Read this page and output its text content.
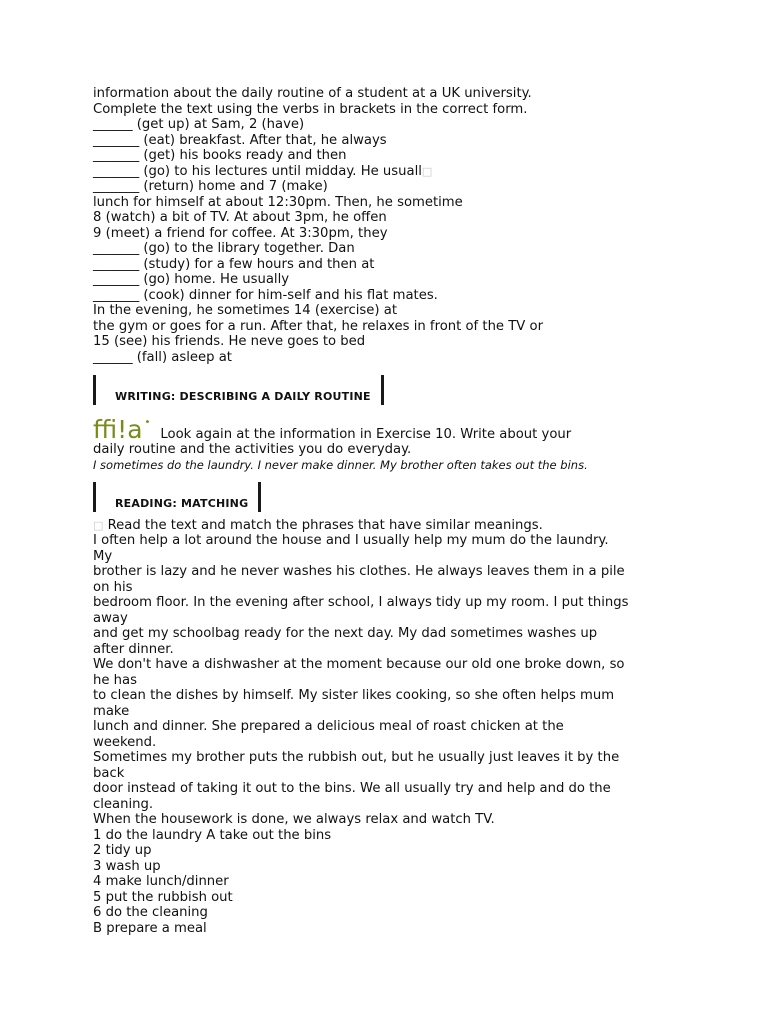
information about the daily routine of a student at a UK university.

Complete the text using the verbs in brackets in the correct form.

______ (get up) at Sam, 2 (have)

_______ (eat) breakfast. After that, he always

_______ (get) his books ready and then

_______ (go) to his lectures until midday. He usuall□

_______ (return) home and 7 (make)

lunch for himself at about 12:30pm. Then, he sometime

8 (watch) a bit of TV. At about 3pm, he offen

9 (meet) a friend for coffee. At 3:30pm, they

_______ (go) to the library together. Dan

_______ (study) for a few hours and then at

_______ (go) home. He usually

_______ (cook) dinner for him-self and his flat mates.

In the evening, he sometimes 14 (exercise) at

the gym or goes for a run. After that, he relaxes in front of the TV or

15 (see) his friends. He neve goes to bed

______ (fall) asleep at

WRITING: DESCRIBING A DAILY ROUTINE
ffi!a •
Look again at the information in Exercise 10. Write about your

daily routine and the activities you do everyday.

I sometimes do the laundry. I never make dinner. My brother often takes out the bins.

READING: MATCHING

□ Read the text and match the phrases that have similar meanings.

I often help a lot around the house and I usually help my mum do the laundry.

My

brother is lazy and he never washes his clothes. He always leaves them in a pile

on his

bedroom floor. In the evening after school, I always tidy up my room. I put things

away

and get my schoolbag ready for the next day. My dad sometimes washes up

after dinner.

We don't have a dishwasher at the moment because our old one broke down, so

he has

to clean the dishes by himself. My sister likes cooking, so she often helps mum

make

lunch and dinner. She prepared a delicious meal of roast chicken at the

weekend.

Sometimes my brother puts the rubbish out, but he usually just leaves it by the

back

door instead of taking it out to the bins. We all usually try and help and do the

cleaning.

When the housework is done, we always relax and watch TV.

1 do the laundry A take out the bins

2 tidy up

3 wash up

4 make lunch/dinner

5 put the rubbish out

6 do the cleaning

B prepare a meal
